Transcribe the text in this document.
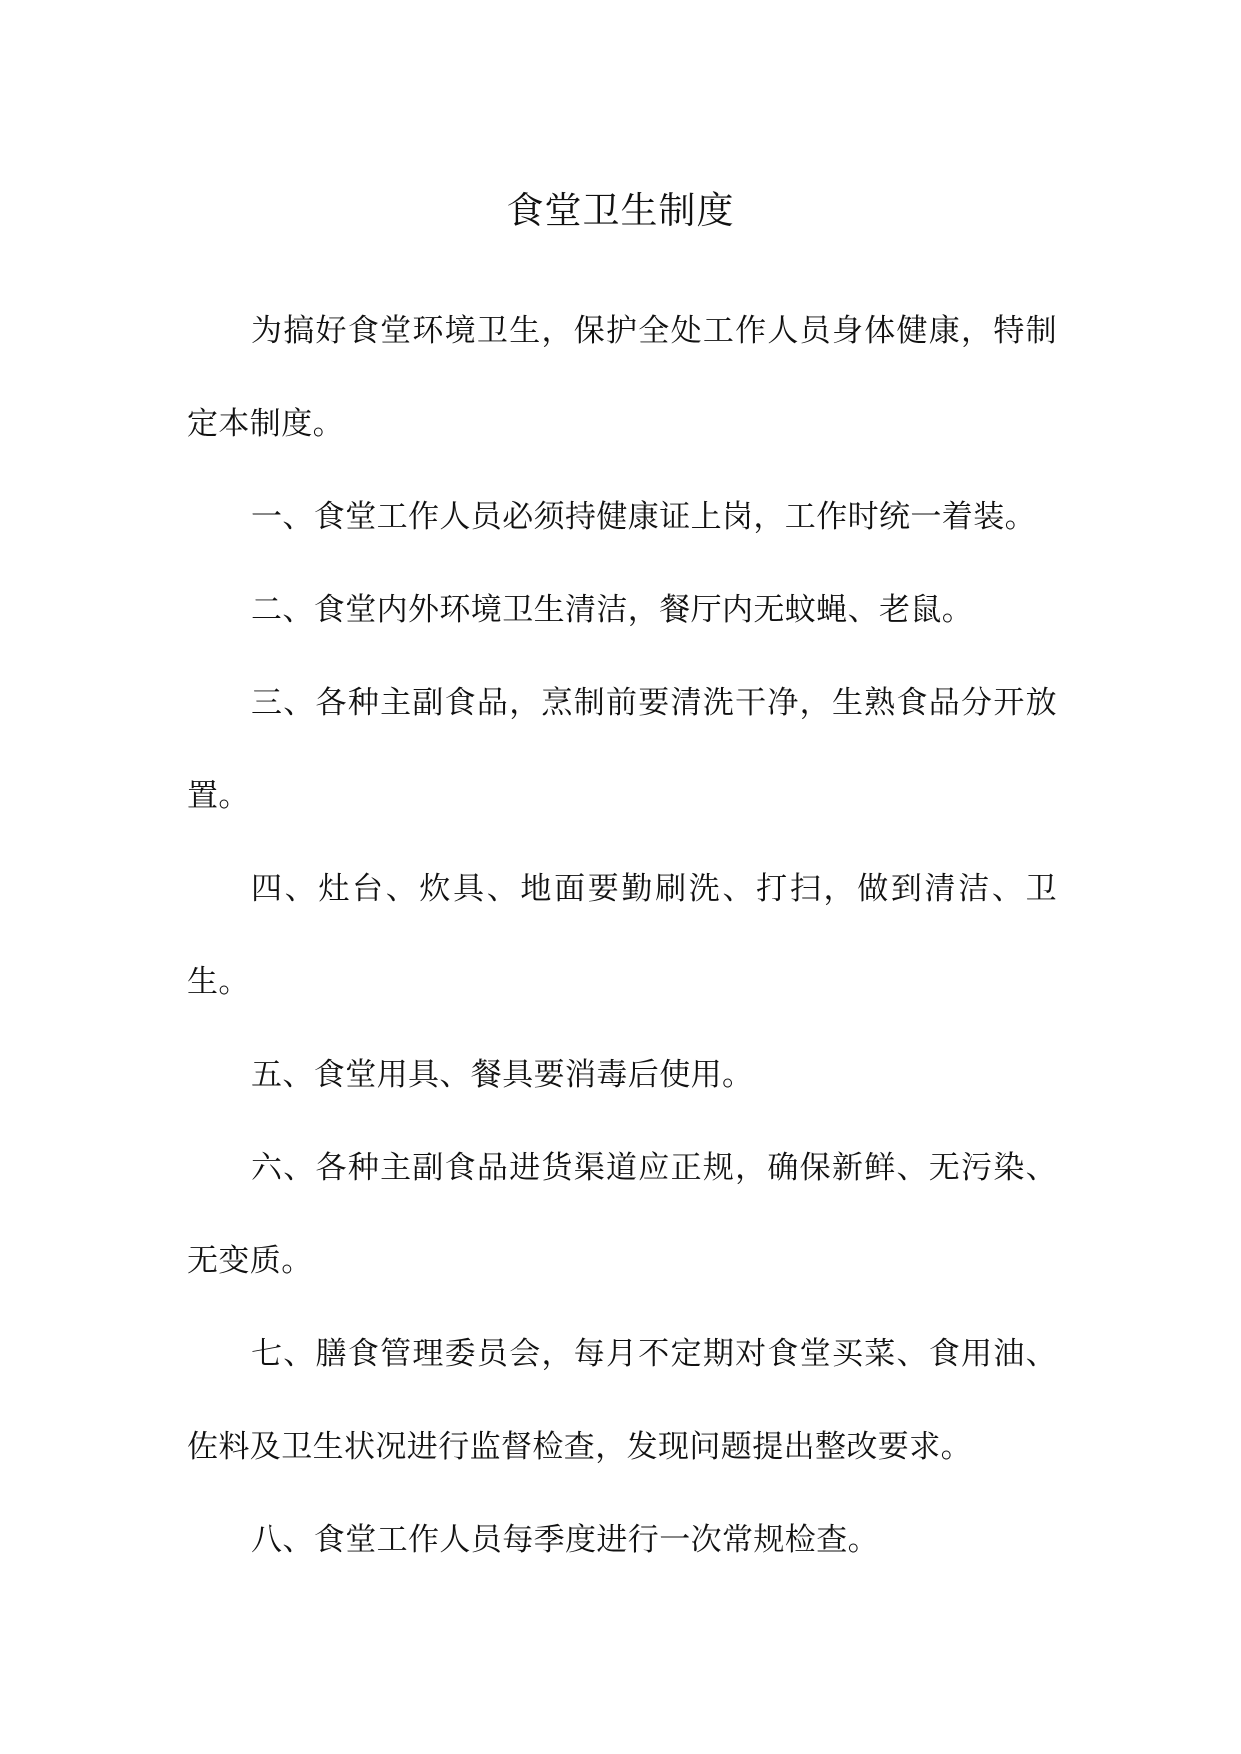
食堂卫生制度

为搞好食堂环境卫生，保护全处工作人员身体健康，特制定本制度。

一、食堂工作人员必须持健康证上岗，工作时统一着装。

二、食堂内外环境卫生清洁，餐厅内无蚊蝇、老鼠。

三、各种主副食品，烹制前要清洗干净，生熟食品分开放置。

四、灶台、炊具、地面要勤刷洗、打扫，做到清洁、卫生。

五、食堂用具、餐具要消毒后使用。

六、各种主副食品进货渠道应正规，确保新鲜、无污染、无变质。

七、膳食管理委员会，每月不定期对食堂买菜、食用油、佐料及卫生状况进行监督检查，发现问题提出整改要求。

八、食堂工作人员每季度进行一次常规检查。
